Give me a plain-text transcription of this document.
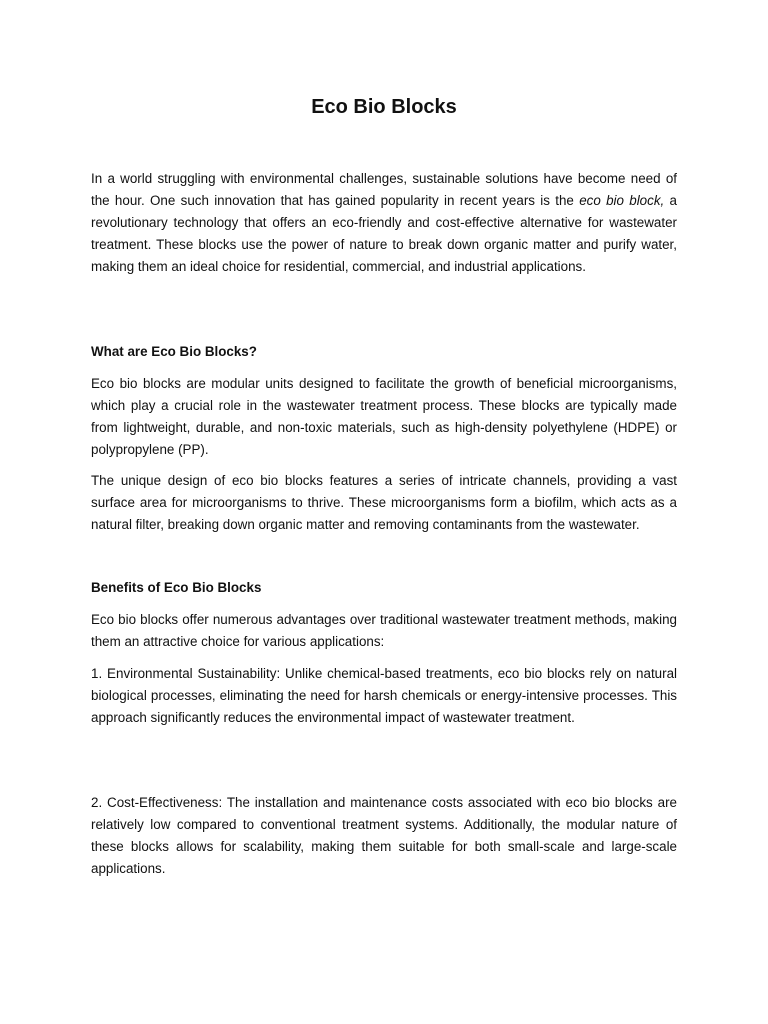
Eco Bio Blocks

In a world struggling with environmental challenges, sustainable solutions have become need of the hour. One such innovation that has gained popularity in recent years is the eco bio block, a revolutionary technology that offers an eco-friendly and cost-effective alternative for wastewater treatment. These blocks use the power of nature to break down organic matter and purify water, making them an ideal choice for residential, commercial, and industrial applications.

What are Eco Bio Blocks?

Eco bio blocks are modular units designed to facilitate the growth of beneficial microorganisms, which play a crucial role in the wastewater treatment process. These blocks are typically made from lightweight, durable, and non-toxic materials, such as high-density polyethylene (HDPE) or polypropylene (PP).

The unique design of eco bio blocks features a series of intricate channels, providing a vast surface area for microorganisms to thrive. These microorganisms form a biofilm, which acts as a natural filter, breaking down organic matter and removing contaminants from the wastewater.

Benefits of Eco Bio Blocks

Eco bio blocks offer numerous advantages over traditional wastewater treatment methods, making them an attractive choice for various applications:

1. Environmental Sustainability: Unlike chemical-based treatments, eco bio blocks rely on natural biological processes, eliminating the need for harsh chemicals or energy-intensive processes. This approach significantly reduces the environmental impact of wastewater treatment.

2. Cost-Effectiveness: The installation and maintenance costs associated with eco bio blocks are relatively low compared to conventional treatment systems. Additionally, the modular nature of these blocks allows for scalability, making them suitable for both small-scale and large-scale applications.
